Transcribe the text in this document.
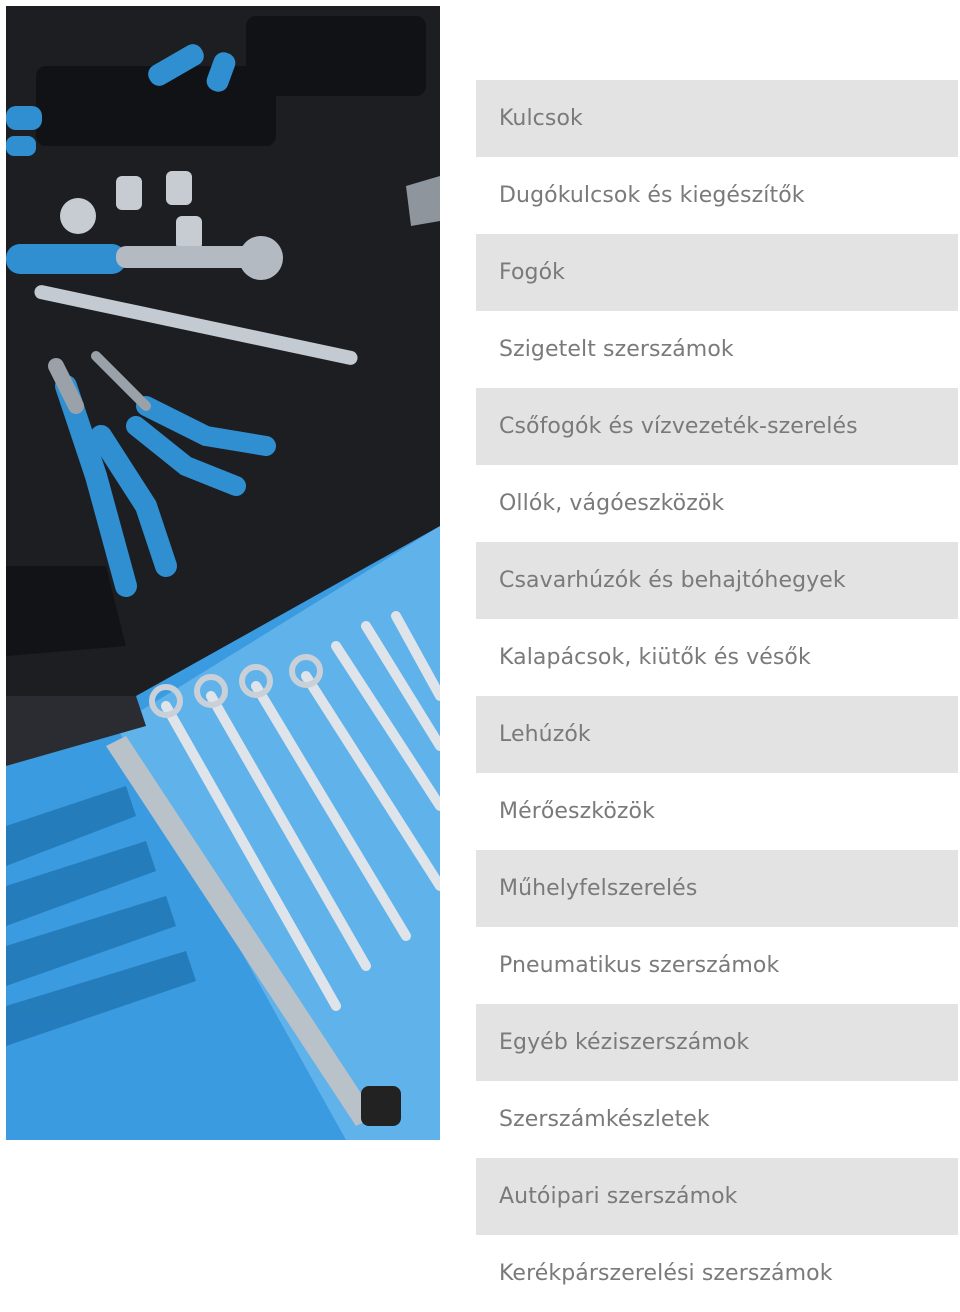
Kulcsok
Dugókulcsok és kiegészítők
Fogók
Szigetelt szerszámok
Csőfogók és vízvezeték-szerelés
Ollók, vágóeszközök
Csavarhúzók és behajtóhegyek
Kalapácsok, kiütők és vésők
Lehúzók
Mérőeszközök
Műhelyfelszerelés
Pneumatikus szerszámok
Egyéb kéziszerszámok
Szerszámkészletek
Autóipari szerszámok
Kerékpárszerelési szerszámok
